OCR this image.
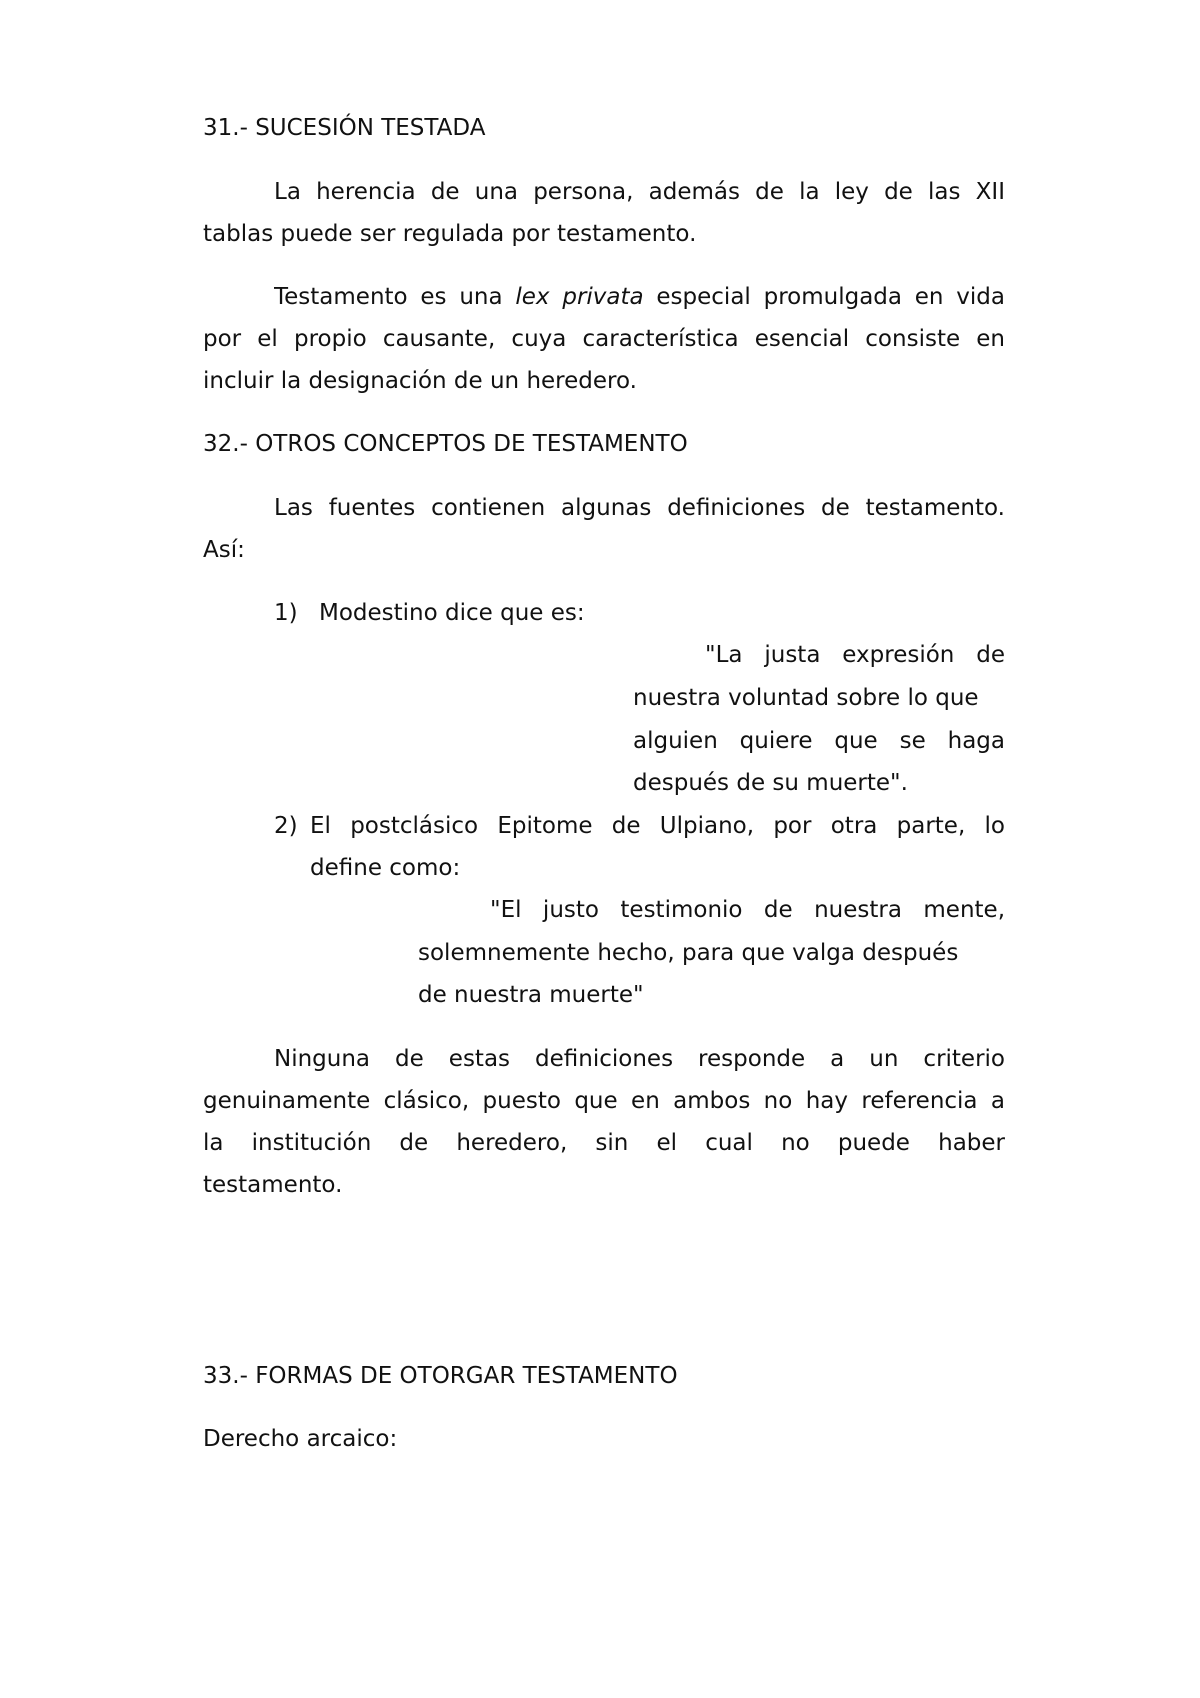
31.- SUCESIÓN TESTADA
La herencia de una persona, además de la ley de las XII
tablas puede ser regulada por testamento.
Testamento es una lex privata especial promulgada en vida
por el propio causante, cuya característica esencial consiste en
incluir la designación de un heredero.
32.- OTROS CONCEPTOS DE TESTAMENTO
Las fuentes contienen algunas definiciones de testamento.
Así:
1) Modestino dice que es:
"La justa expresión de
nuestra voluntad sobre lo que
alguien quiere que se haga
después de su muerte".
2) El postclásico Epitome de Ulpiano, por otra parte, lo
define como:
"El justo testimonio de nuestra mente,
solemnemente hecho, para que valga después
de nuestra muerte"
Ninguna de estas definiciones responde a un criterio
genuinamente clásico, puesto que en ambos no hay referencia a
la institución de heredero, sin el cual no puede haber
testamento.
33.- FORMAS DE OTORGAR TESTAMENTO
Derecho arcaico:
